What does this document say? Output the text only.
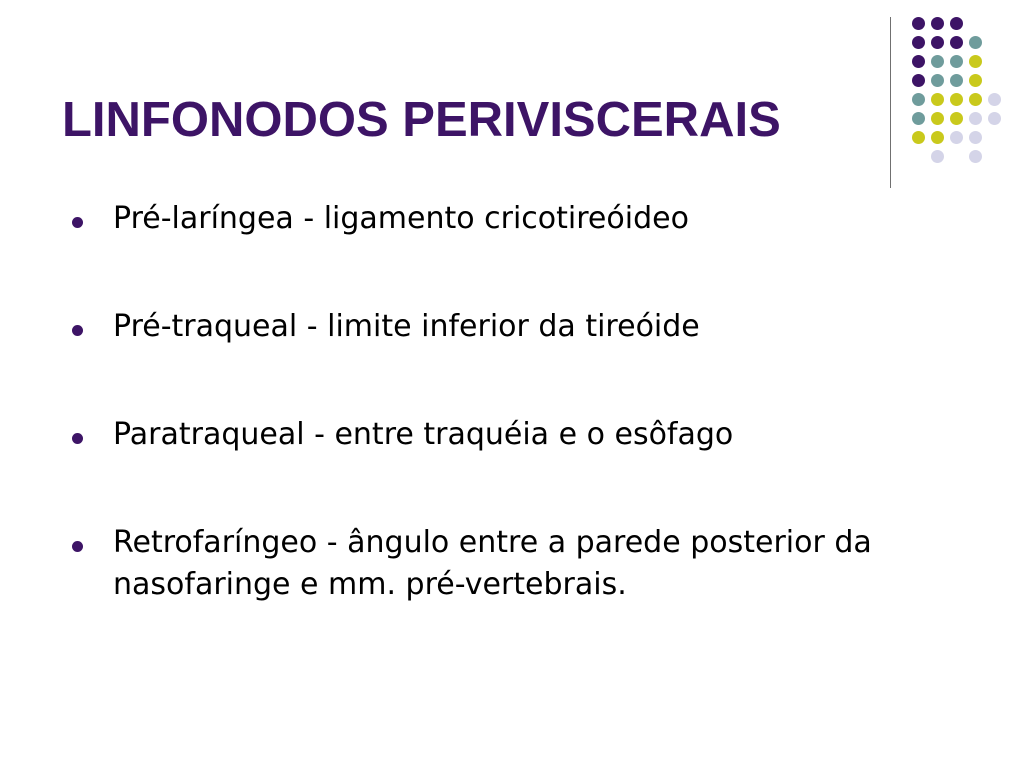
LINFONODOS PERIVISCERAIS
Pré-laríngea - ligamento cricotireóideo
Pré-traqueal - limite inferior da tireóide
Paratraqueal - entre traquéia e o esôfago
Retrofaríngeo - ângulo entre a parede posterior da nasofaringe e mm. pré-vertebrais.
